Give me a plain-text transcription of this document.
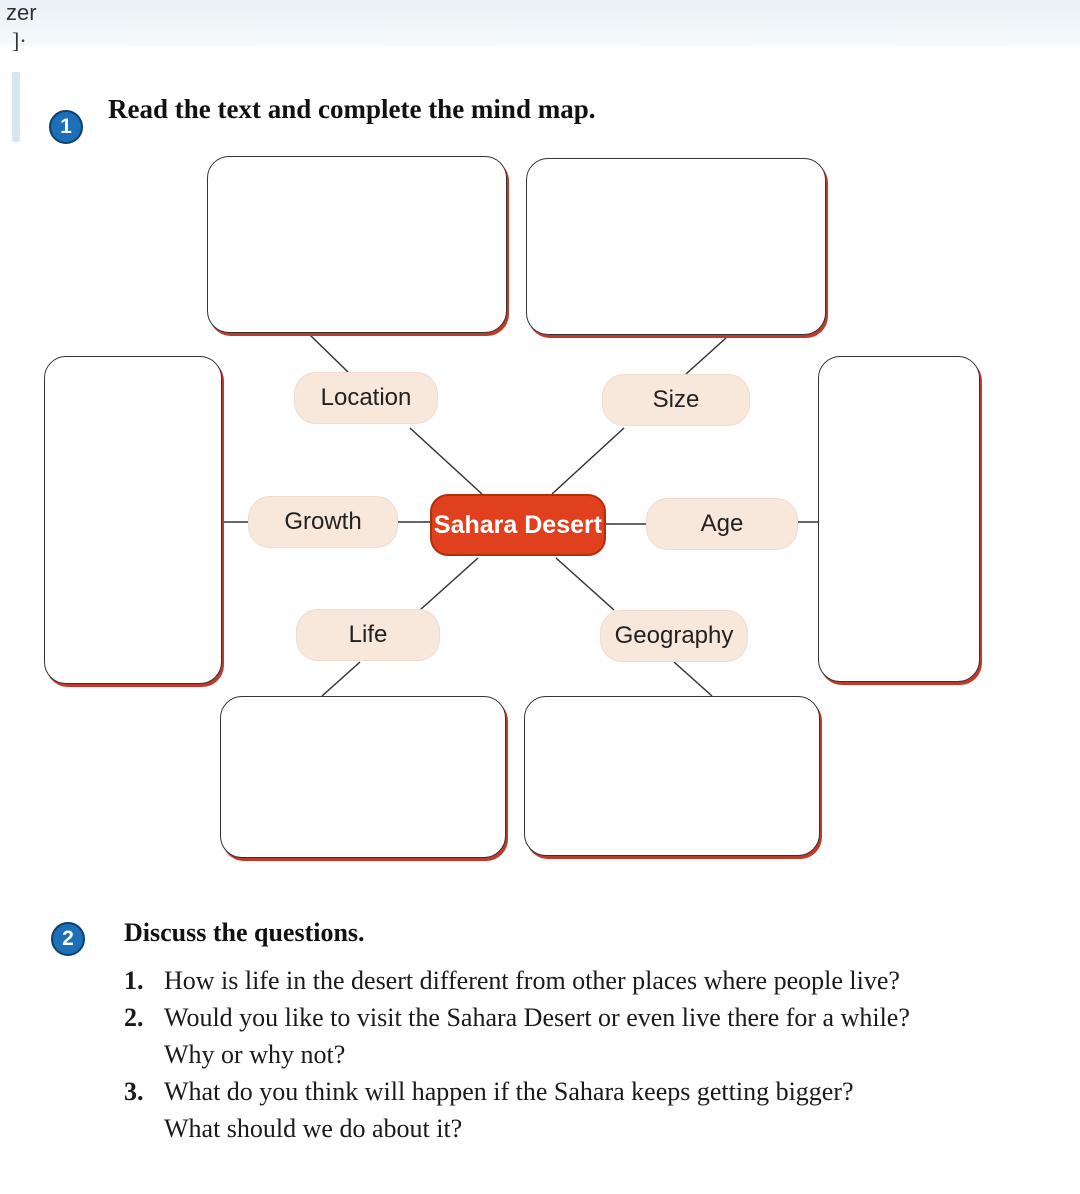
zer
]·
1
Read the text and complete the mind map.
Location	Size
Growth	Age
Life	Geography
Sahara Desert
2	Discuss the questions.
1. How is life in the desert different from other places where people live?
2. Would you like to visit the Sahara Desert or even live there for a while?
Why or why not?
3. What do you think will happen if the Sahara keeps getting bigger?
What should we do about it?
